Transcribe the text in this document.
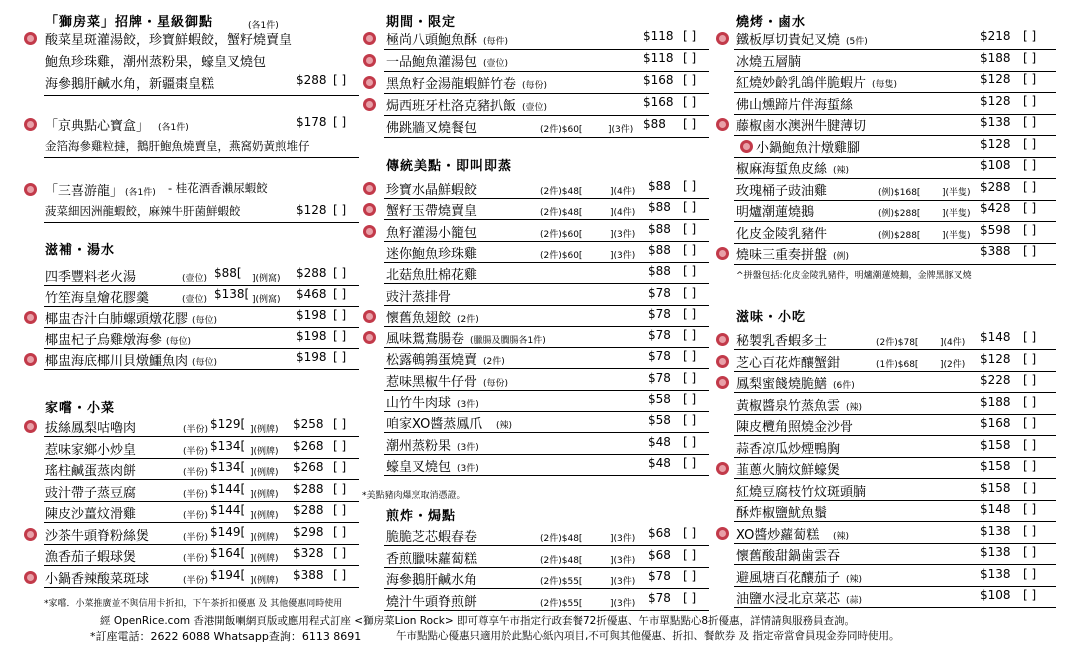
「獅房菜」招牌・星級御點	(各1件)
酸菜星斑灌湯餃，珍寶鮮蝦餃，蟹籽燒賣皇
鮑魚珍珠雞，潮州蒸粉果，蠔皇叉燒包
海參鵝肝鹹水角，新疆棗皇糕	$288 [ ]
「京典點心寶盒」 (各1件)	$178 [ ]
金箔海參雞粒撻，鵝肝鮑魚燒賣皇，燕窩奶黃煎堆仔
「三喜游龍」 (各1件) - 桂花酒香瀨尿蝦餃
菠菜細因洲龍蝦餃，麻辣牛肝菌鮮蝦餃	$128 [ ]
滋補・湯水
四季豐料老火湯	(壹位) $88[ ](例窩) $288 [ ]
竹笙海皇燴花膠羹	(壹位) $138[ ](例窩) $468 [ ]
椰盅杏汁白肺螺頭燉花膠 (每位)	$198 [ ]
椰盅杞子烏雞燉海參 (每位)	$198 [ ]
椰盅海底椰川貝燉鱷魚肉 (每位)	$198 [ ]
家嚐・小菜
拔絲鳳梨咕嚕肉	(半份) $129[ ](例牌) $258 [ ]
惹味家鄉小炒皇	(半份) $134[ ](例牌) $268 [ ]
瑤柱鹹蛋蒸肉餅	(半份) $134[ ](例牌) $268 [ ]
豉汁帶子蒸豆腐	(半份) $144[ ](例牌) $288 [ ]
陳皮沙薑炆滑雞	(半份) $144[ ](例牌) $288 [ ]
沙茶牛頭脊粉絲煲	(半份) $149[ ](例牌) $298 [ ]
漁香茄子蝦球煲	(半份) $164[ ](例牌) $328 [ ]
小鍋香辣酸菜斑球	(半份) $194[ ](例牌) $388 [ ]
*家嚐．小菜推廣並不與信用卡折扣，下午茶折扣優惠 及 其他優惠同時使用
期間・限定
極尚八頭鮑魚酥 (每件)	$118 [ ]
一品鮑魚灌湯包 (壹位)	$118 [ ]
黑魚籽金湯龍蝦鮮竹卷 (每份)	$168 [ ]
焗西班牙杜洛克豬扒飯 (壹位)	$168 [ ]
佛跳牆叉燒餐包	(2件)$60[	](3件) $88 [ ]
傳統美點・即叫即蒸
珍寶水晶鮮蝦餃	(2件)$48[	](4件) $88 [ ]
蟹籽玉帶燒賣皇	(2件)$48[	](4件) $88 [ ]
魚籽灌湯小籠包	(2件)$60[	](3件) $88 [ ]
迷你鮑魚珍珠雞	(2件)$60[	](3件) $88 [ ]
北菇魚肚棉花雞	$88 [ ]
豉汁蒸排骨	$78 [ ]
懷舊魚翅餃 (2件)	$78 [ ]
風味鴛鴦腸卷 (臘腸及膶腸各1件)	$78 [ ]
松露鵪鶉蛋燒賣 (2件)	$78 [ ]
惹味黑椒牛仔骨 (每份)	$78 [ ]
山竹牛肉球 (3件)	$58 [ ]
咱家XO醬蒸鳳爪 (辣)	$58 [ ]
潮州蒸粉果 (3件)	$48 [ ]
蠔皇叉燒包 (3件)	$48 [ ]
*美點豬肉爆烹取消憑證。
煎炸・焗點
脆脆芝芯蝦春卷	(2件)$48[	](3件) $68 [ ]
香煎臘味蘿蔔糕	(2件)$48[	](3件) $68 [ ]
海參鵝肝鹹水角	(2件)$55[	](3件) $78 [ ]
燒汁牛頭脊煎餅	(2件)$55[	](3件) $78 [ ]
燒烤・鹵水
鐵板厚切貴妃叉燒 (5件)	$218 [ ]
冰燒五層腩	$188 [ ]
紅燒妙齡乳鴿伴脆蝦片 (每隻)	$128 [ ]
佛山燻蹄片伴海蜇絲	$128 [ ]
藤椒鹵水澳洲牛腱薄切	$138 [ ]
小鍋鮑魚汁燉雞腳	$128 [ ]
椒麻海蜇魚皮絲 (辣)	$108 [ ]
玫瑰桶子豉油雞	(例)$168[ ](半隻) $288 [ ]
明爐潮蓮燒鵝	(例)$288[ ](半隻) $428 [ ]
化皮金陵乳豬件	(例)$288[ ](半隻) $598 [ ]
燒味三重奏拼盤 (例)	$388 [ ]
^拼盤包括:化皮金陵乳豬件，明爐潮蓮燒鵝，金牌黑豚叉燒
滋味・小吃
秘製乳香蝦多士	(2件)$78[ ](4件) $148 [ ]
芝心百花炸釀蟹鉗	(1件)$68[ ](2件) $128 [ ]
鳳梨蜜餞燒脆鱔 (6件)	$228 [ ]
黃椒醬泉竹蒸魚雲 (辣)	$188 [ ]
陳皮欖角照燒金沙骨	$168 [ ]
蒜香凉瓜炒煙鴨胸	$158 [ ]
韮蔥火腩炆鮮蠔煲	$158 [ ]
紅燒豆腐枝竹炆斑頭腩	$158 [ ]
酥炸椒鹽魷魚鬚	$148 [ ]
XO醬炒蘿蔔糕 (辣)	$138 [ ]
懷舊酸甜鍋歯雲吞	$138 [ ]
避風塘百花釀茄子 (辣)	$138 [ ]
油鹽水浸北京菜芯 (蒜)	$108 [ ]
經 OpenRice.com 香港開飯喇網頁版或應用程式訂座 <獅房菜Lion Rock> 即可尊享午市指定行政套餐72折優惠、午市單點點心8折優惠，詳情請與服務員查詢。
*訂座電話：2622 6088 Whatsapp查詢：6113 8691	午市點點心優惠只適用於此點心紙內項目,不可與其他優惠、折扣、餐飲券 及 指定帝當會員現金券同時使用。
